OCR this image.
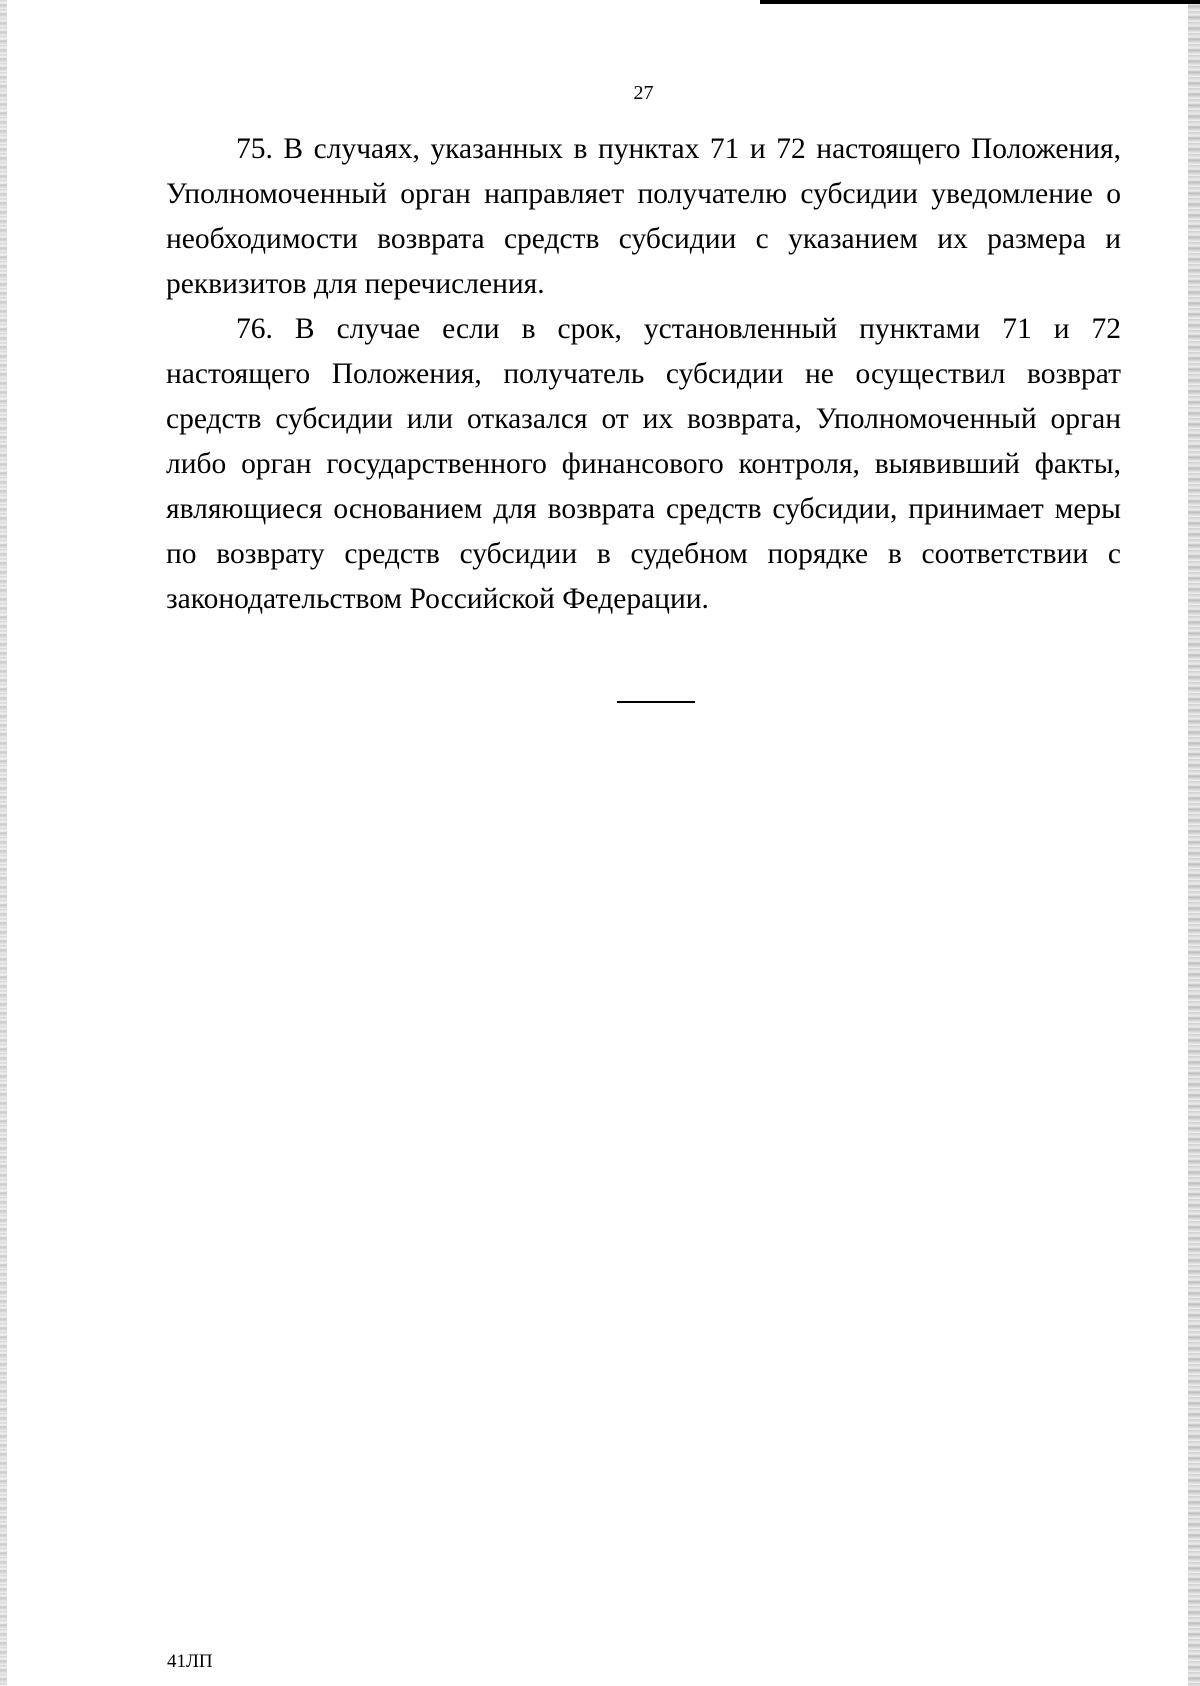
27

75. В случаях, указанных в пунктах 71 и 72 настоящего Положения, Уполномоченный орган направляет получателю субсидии уведомление о необходимости возврата средств субсидии с указанием их размера и реквизитов для перечисления.

76. В случае если в срок, установленный пунктами 71 и 72 настоящего Положения, получатель субсидии не осуществил возврат средств субсидии или отказался от их возврата, Уполномоченный орган либо орган государственного финансового контроля, выявивший факты, являющиеся основанием для возврата средств субсидии, принимает меры по возврату средств субсидии в судебном порядке в соответствии с законодательством Российской Федерации.

41ЛП
